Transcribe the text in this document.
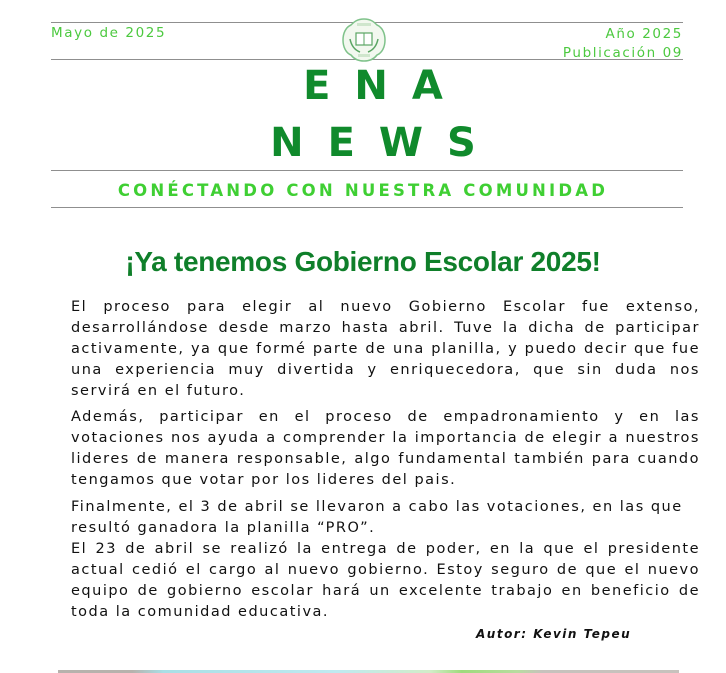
Mayo de 2025	Año 2025
Publicación 09
ENA
NEWS
CONÉCTANDO CON NUESTRA COMUNIDAD
¡Ya tenemos Gobierno Escolar 2025!

El proceso para elegir al nuevo Gobierno Escolar fue extenso, desarrollándose desde marzo hasta abril. Tuve la dicha de participar activamente, ya que formé parte de una planilla, y puedo decir que fue una experiencia muy divertida y enriquecedora, que sin duda nos servirá en el futuro.

Además, participar en el proceso de empadronamiento y en las votaciones nos ayuda a comprender la importancia de elegir a nuestros lideres de manera responsable, algo fundamental también para cuando tengamos que votar por los lideres del pais.

Finalmente, el 3 de abril se llevaron a cabo las votaciones, en las que resultó ganadora la planilla “PRO”.

El 23 de abril se realizó la entrega de poder, en la que el presidente actual cedió el cargo al nuevo gobierno. Estoy seguro de que el nuevo equipo de gobierno escolar hará un excelente trabajo en beneficio de toda la comunidad educativa.

Autor: Kevin Tepeu
